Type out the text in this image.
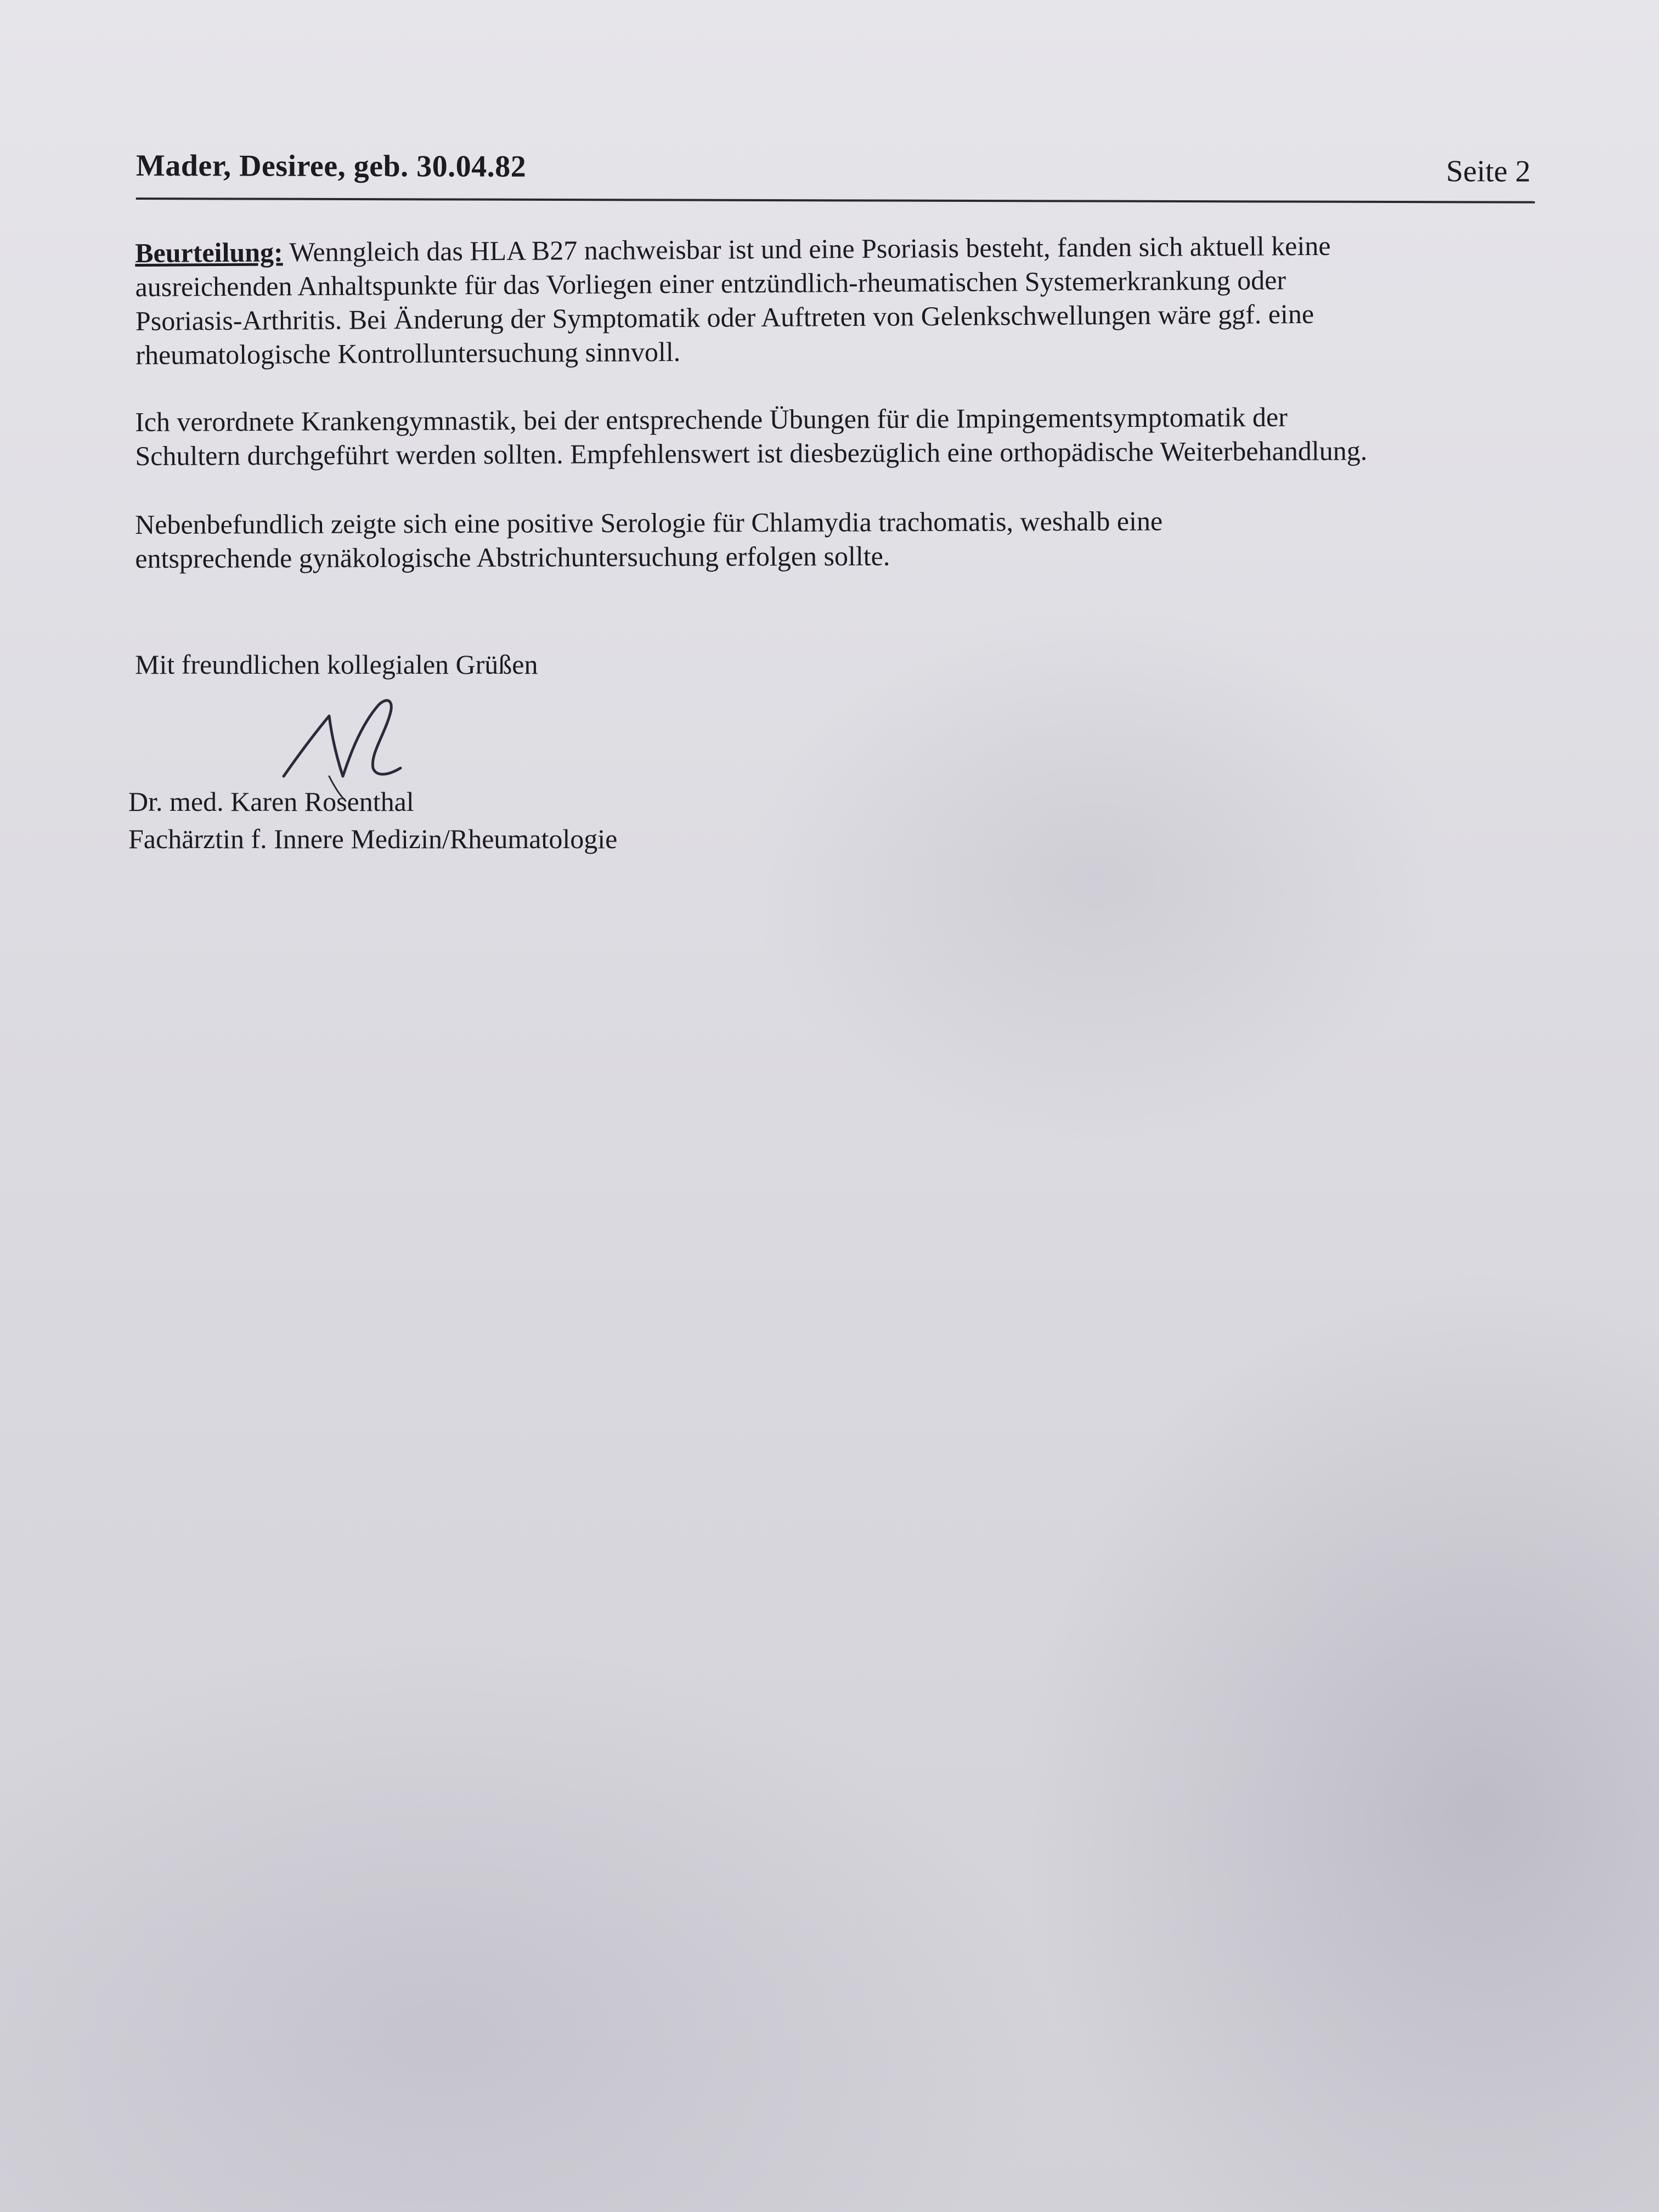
Mader, Desiree, geb. 30.04.82	Seite 2

Beurteilung: Wenngleich das HLA B27 nachweisbar ist und eine Psoriasis besteht, fanden sich aktuell keine

ausreichenden Anhaltspunkte für das Vorliegen einer entzündlich-rheumatischen Systemerkrankung oder

Psoriasis-Arthritis. Bei Änderung der Symptomatik oder Auftreten von Gelenkschwellungen wäre ggf. eine

rheumatologische Kontrolluntersuchung sinnvoll.

Ich verordnete Krankengymnastik, bei der entsprechende Übungen für die Impingementsymptomatik der

Schultern durchgeführt werden sollten. Empfehlenswert ist diesbezüglich eine orthopädische Weiterbehandlung.

Nebenbefundlich zeigte sich eine positive Serologie für Chlamydia trachomatis, weshalb eine

entsprechende gynäkologische Abstrichuntersuchung erfolgen sollte.

Mit freundlichen kollegialen Grüßen
Dr. med. Karen Rosenthal
Fachärztin f. Innere Medizin/Rheumatologie
